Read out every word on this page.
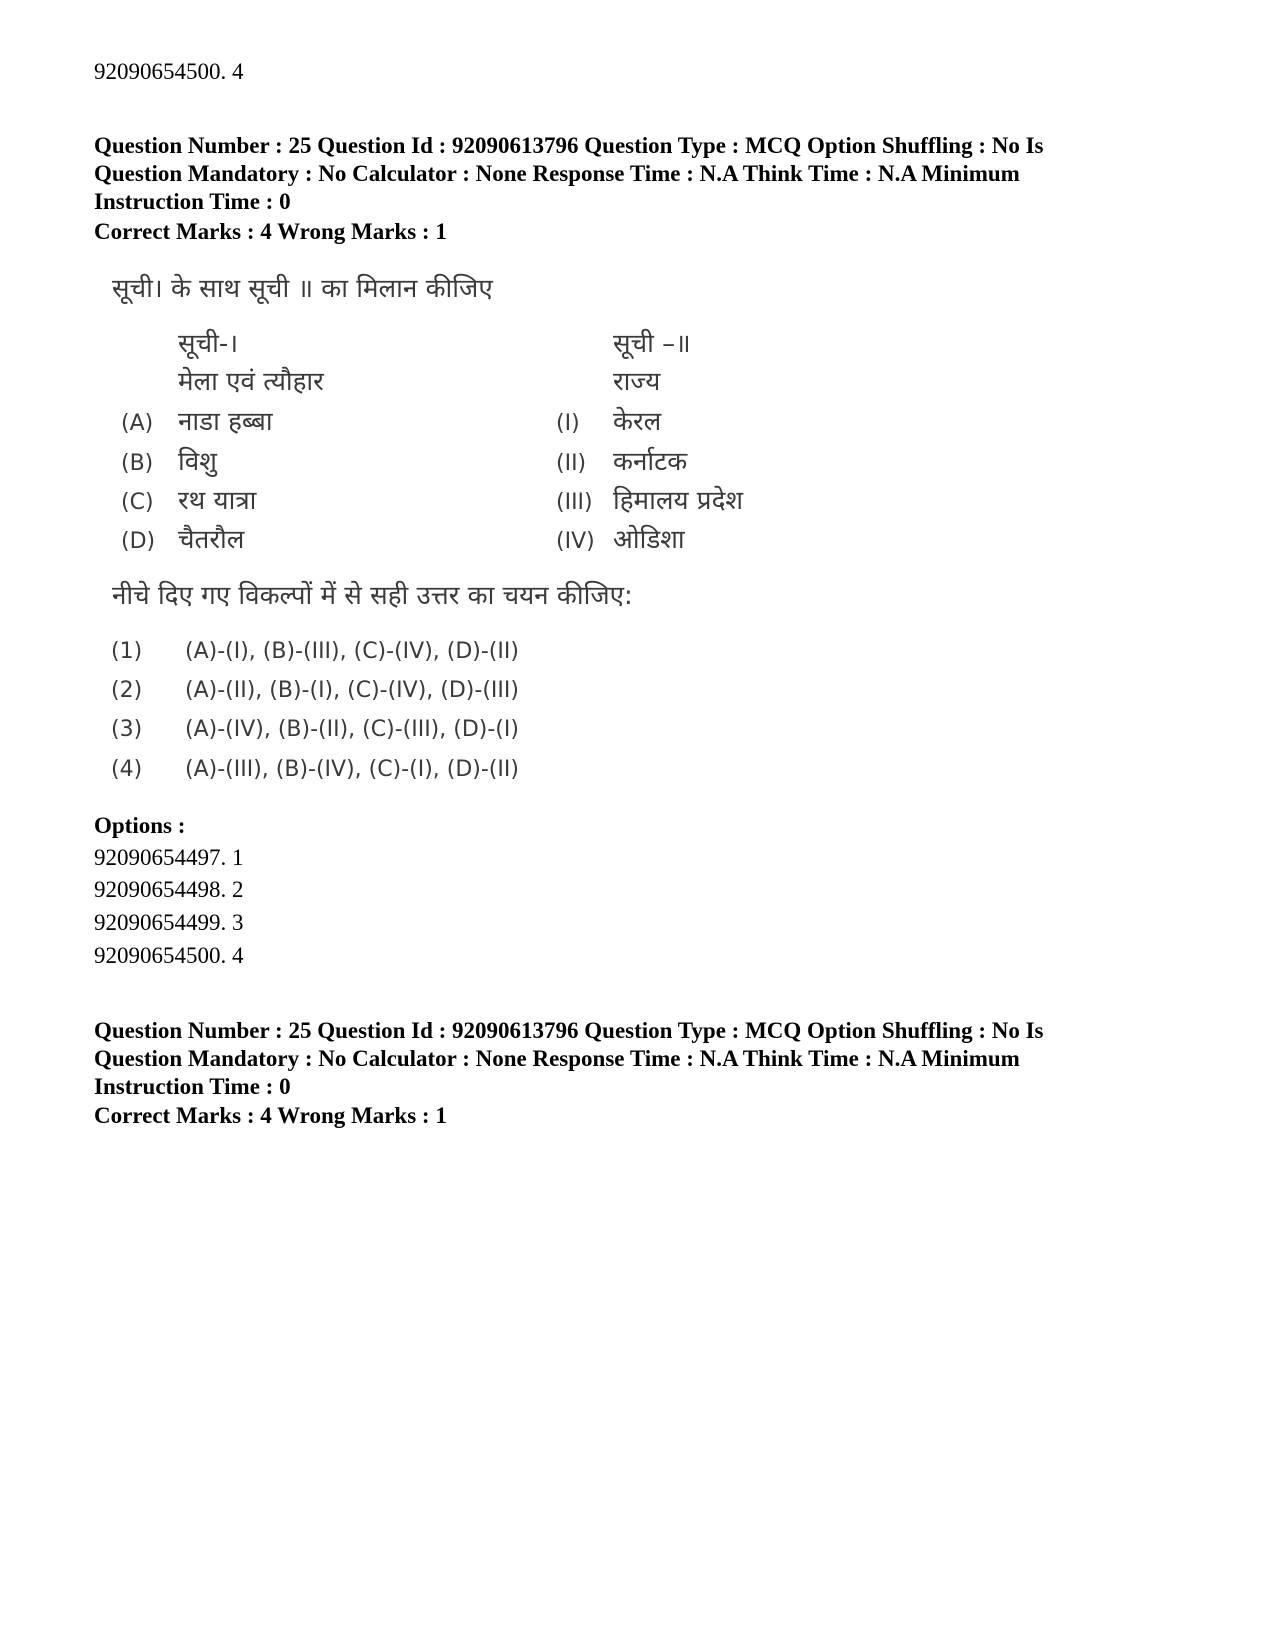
92090654500. 4
Question Number : 25 Question Id : 92090613796 Question Type : MCQ Option Shuffling : No Is
Question Mandatory : No Calculator : None Response Time : N.A Think Time : N.A Minimum
Instruction Time : 0
Correct Marks : 4 Wrong Marks : 1
सूची। के साथ सूची ॥ का मिलान कीजिए
सूची-।
मेला एवं त्यौहार
सूची –॥
राज्य
(A) नाडा हब्बा
(B) विशु
(C) रथ यात्रा
(D) चैतरौल
(I) केरल
(II) कर्नाटक
(III) हिमालय प्रदेश
(IV) ओडिशा
नीचे दिए गए विकल्पों में से सही उत्तर का चयन कीजिए:
(1) (A)-(I), (B)-(III), (C)-(IV), (D)-(II)
(2) (A)-(II), (B)-(I), (C)-(IV), (D)-(III)
(3) (A)-(IV), (B)-(II), (C)-(III), (D)-(I)
(4) (A)-(III), (B)-(IV), (C)-(I), (D)-(II)
Options :
92090654497. 1
92090654498. 2
92090654499. 3
92090654500. 4
Question Number : 25 Question Id : 92090613796 Question Type : MCQ Option Shuffling : No Is
Question Mandatory : No Calculator : None Response Time : N.A Think Time : N.A Minimum
Instruction Time : 0
Correct Marks : 4 Wrong Marks : 1
